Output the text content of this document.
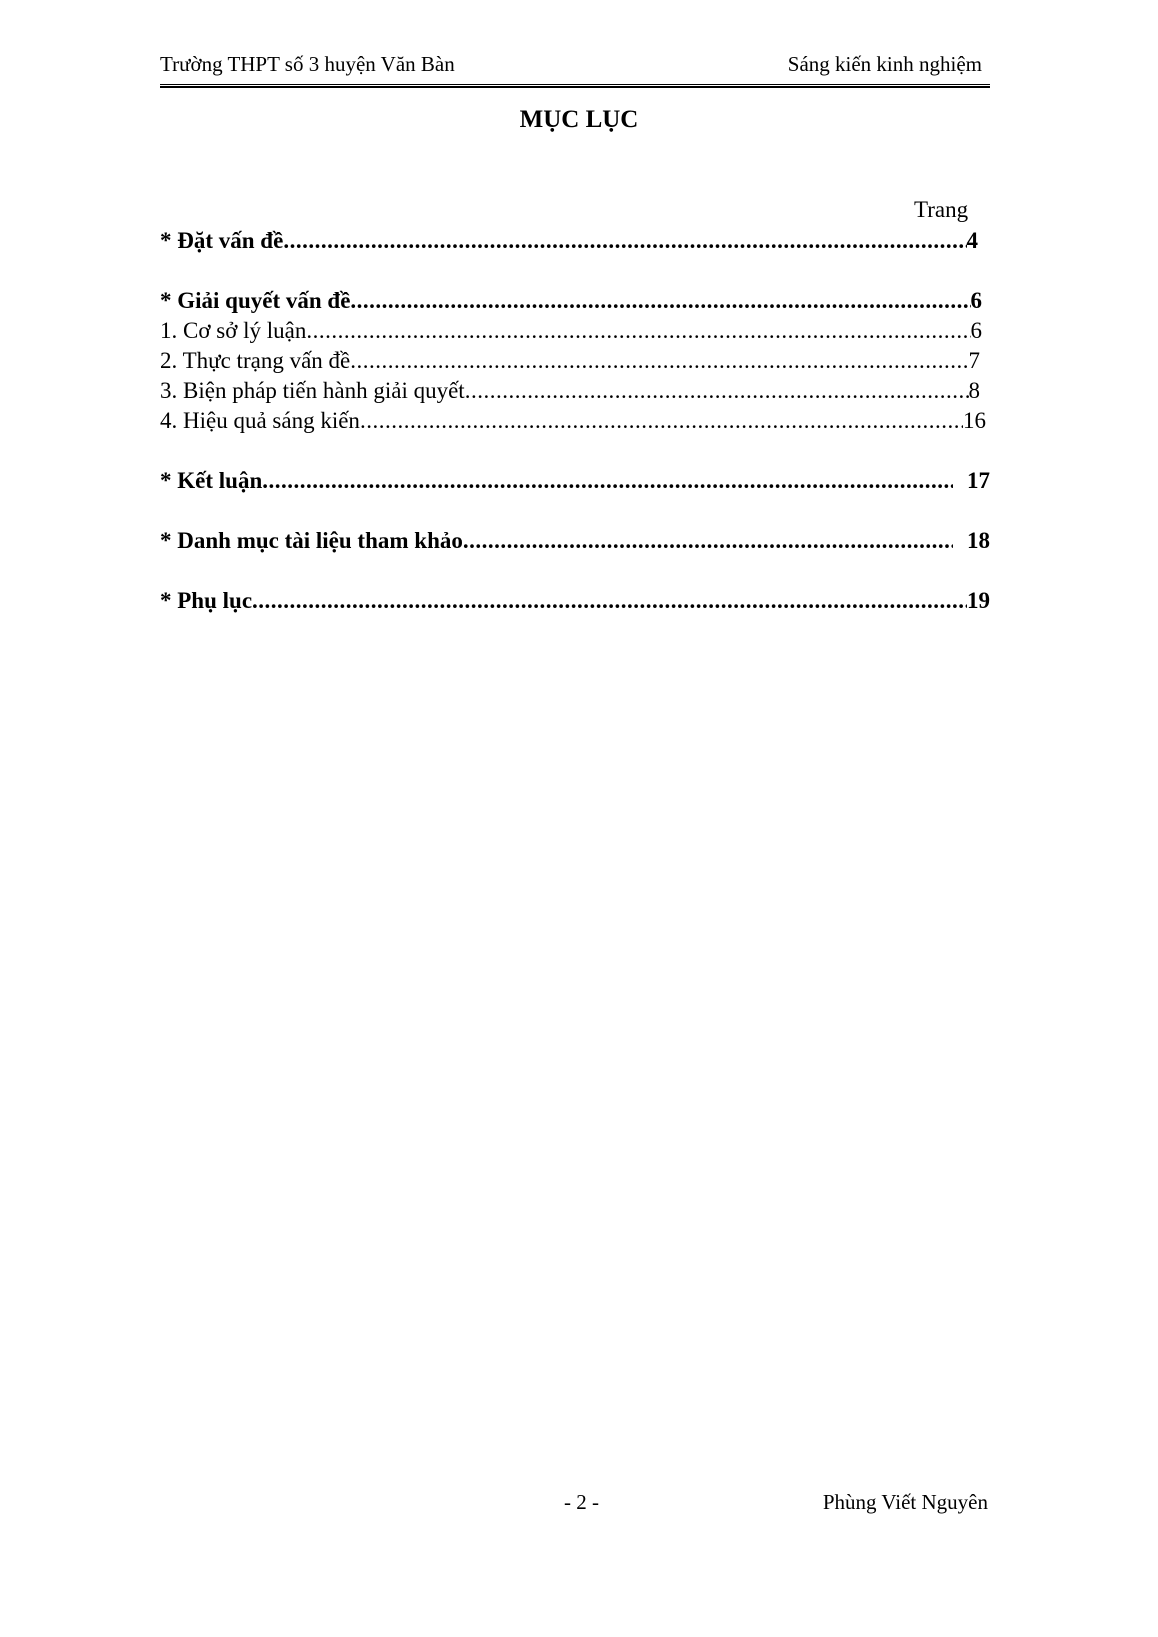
Trường THPT số 3 huyện Văn Bàn	Sáng kiến kinh nghiệm
MỤC LỤC
Trang
* Đặt vấn đề .....	4
* Giải quyết vấn đề .....	6
1. Cơ sở lý luận .....	6
2. Thực trạng vấn đề .....	7
3. Biện pháp tiến hành giải quyết .....	8
4. Hiệu quả sáng kiến .....	16
* Kết luận .....	17
* Danh mục tài liệu tham khảo .....	18
* Phụ lục .....	19
- 2 -	Phùng Viết Nguyên
